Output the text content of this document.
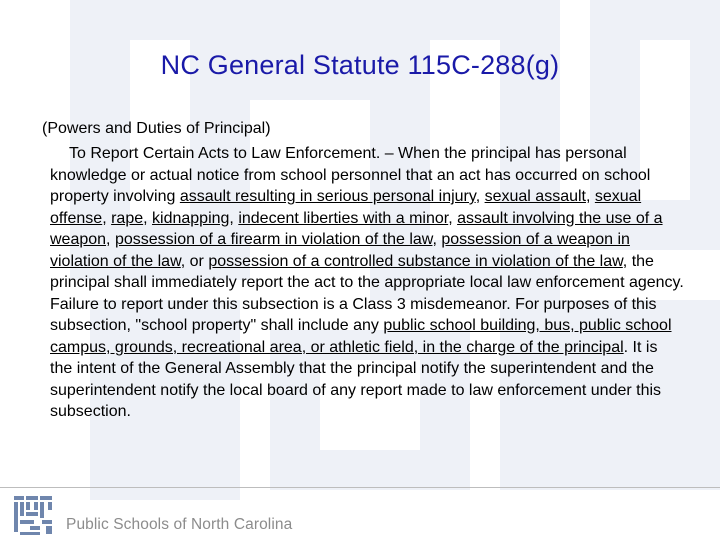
NC General Statute 115C-288(g)
(Powers and Duties of Principal)
To Report Certain Acts to Law Enforcement. – When the principal has personal knowledge or actual notice from school personnel that an act has occurred on school property involving assault resulting in serious personal injury, sexual assault, sexual offense, rape, kidnapping, indecent liberties with a minor, assault involving the use of a weapon, possession of a firearm in violation of the law, possession of a weapon in violation of the law, or possession of a controlled substance in violation of the law, the principal shall immediately report the act to the appropriate local law enforcement agency. Failure to report under this subsection is a Class 3 misdemeanor. For purposes of this subsection, "school property" shall include any public school building, bus, public school campus, grounds, recreational area, or athletic field, in the charge of the principal. It is the intent of the General Assembly that the principal notify the superintendent and the superintendent notify the local board of any report made to law enforcement under this subsection.
Public Schools of North Carolina
